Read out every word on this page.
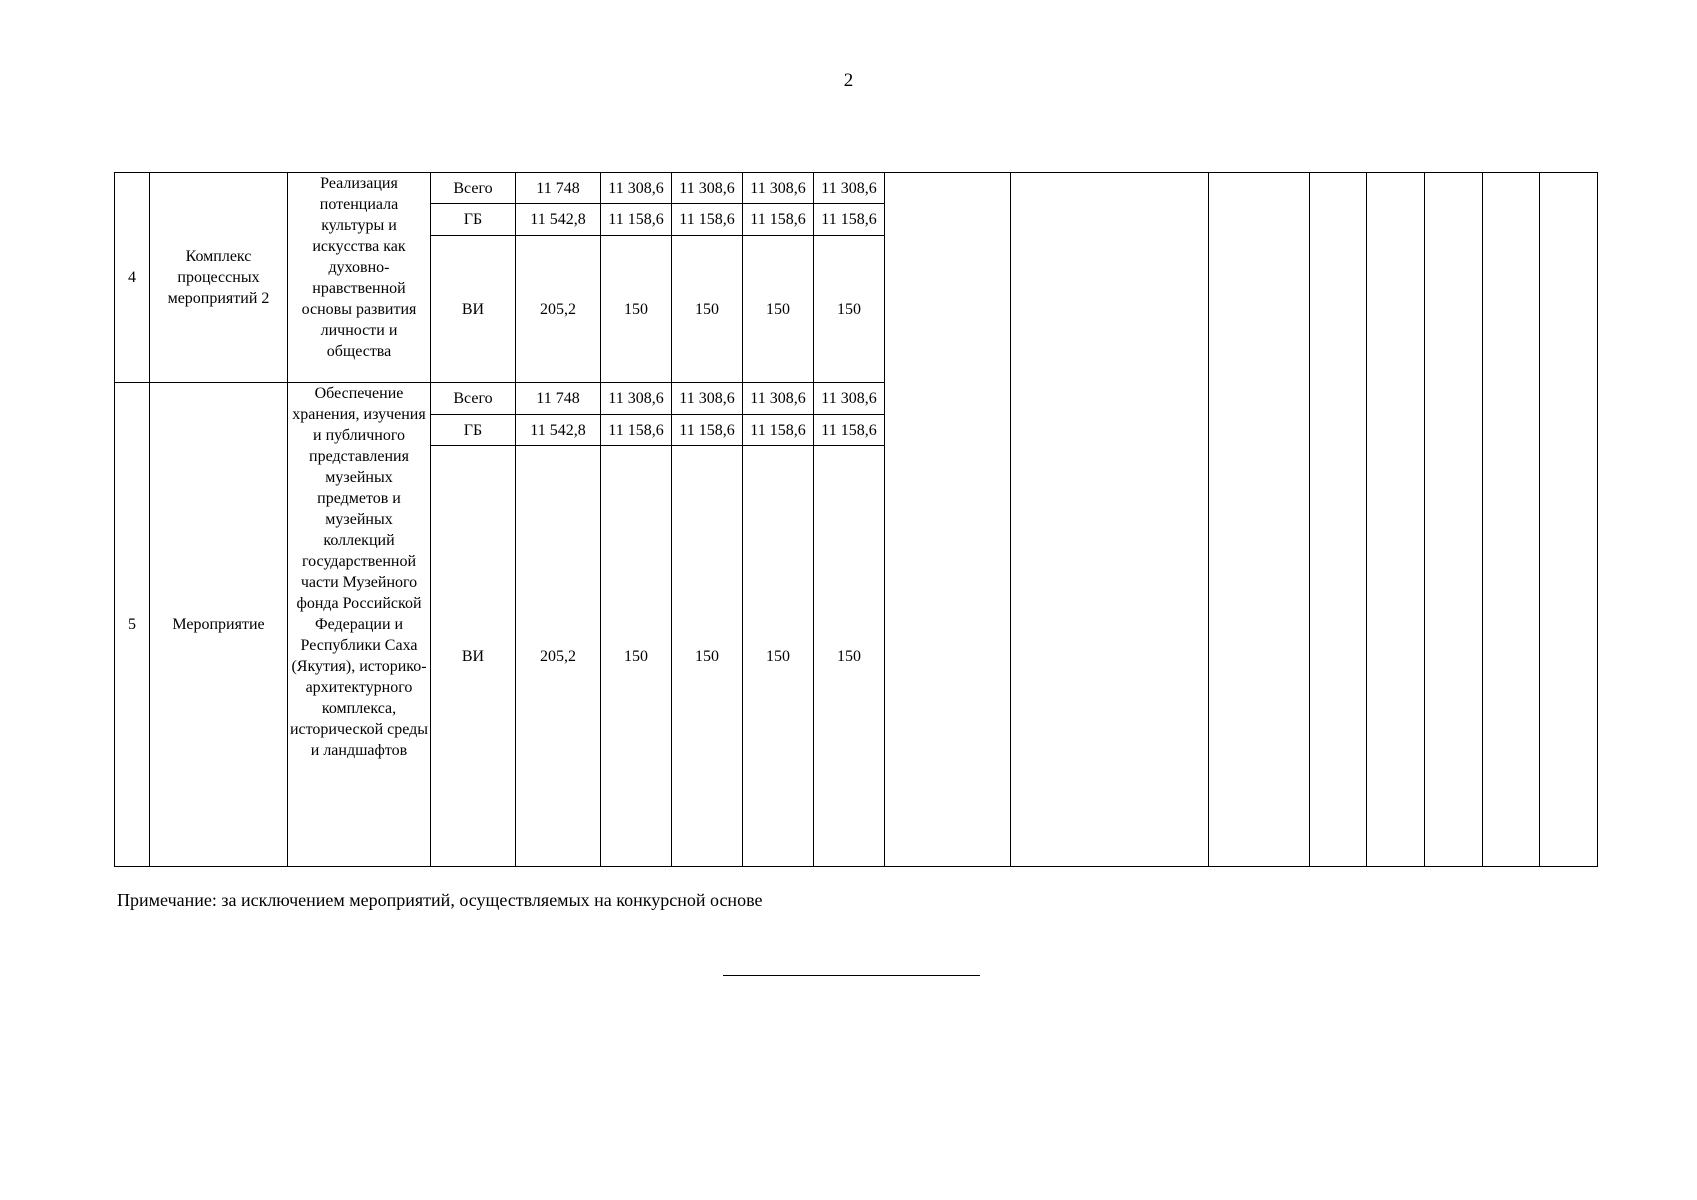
2
4	Комплекс процессных мероприятий 2	Реализация потенциала культуры и искусства как духовно-нравственной основы развития личности и общества	Всего	11 748	11 308,6	11 308,6	11 308,6	11 308,6								
			ГБ	11 542,8	11 158,6	11 158,6	11 158,6	11 158,6								
			ВИ	205,2	150	150	150	150								
5	Мероприятие	Обеспечение хранения, изучения и публичного представления музейных предметов и музейных коллекций государственной части Музейного фонда Российской Федерации и Республики Саха (Якутия), историко-архитектурного комплекса, исторической среды и ландшафтов	Всего	11 748	11 308,6	11 308,6	11 308,6	11 308,6								
			ГБ	11 542,8	11 158,6	11 158,6	11 158,6	11 158,6								
			ВИ	205,2	150	150	150	150								
Примечание: за исключением мероприятий, осуществляемых на конкурсной основе
